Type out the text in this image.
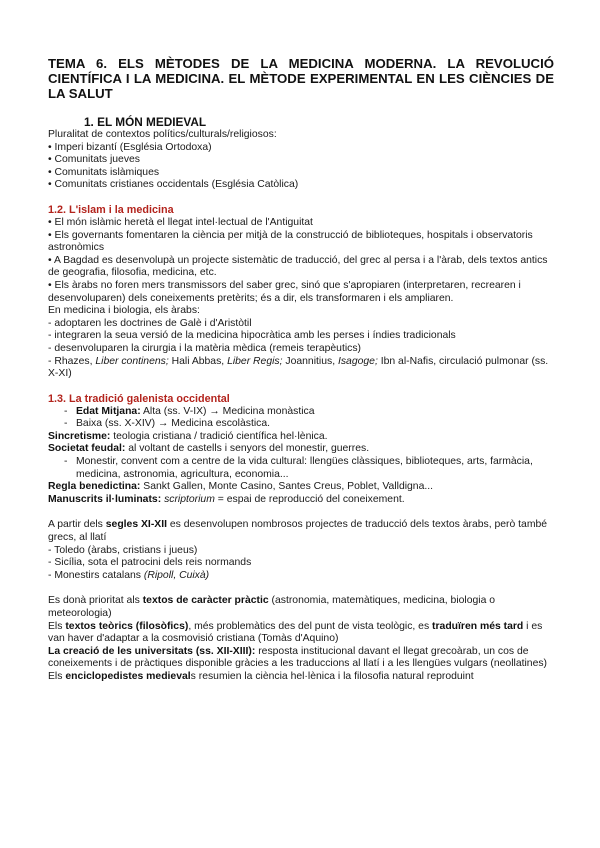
TEMA 6. ELS MÈTODES DE LA MEDICINA MODERNA. LA REVOLUCIÓ CIENTÍFICA I LA MEDICINA. EL MÈTODE EXPERIMENTAL EN LES CIÈNCIES DE LA SALUT
1. EL MÓN MEDIEVAL

Pluralitat de contextos polítics/culturals/religiosos:

• Imperi bizantí (Església Ortodoxa)

• Comunitats jueves

• Comunitats islàmiques

• Comunitats cristianes occidentals (Església Catòlica)

1.2. L'islam i la medicina

• El món islàmic heretà el llegat intel·lectual de l'Antiguitat

• Els governants fomentaren la ciència per mitjà de la construcció de biblioteques, hospitals i observatoris astronòmics

• A Bagdad es desenvolupà un projecte sistemàtic de traducció, del grec al persa i a l'àrab, dels textos antics de geografia, filosofia, medicina, etc.

• Els àrabs no foren mers transmissors del saber grec, sinó que s'apropiaren (interpretaren, recrearen i desenvoluparen) dels coneixements pretèrits; és a dir, els transformaren i els ampliaren.

En medicina i biologia, els àrabs:

- adoptaren les doctrines de Galè i d'Aristòtil

- integraren la seua versió de la medicina hipocràtica amb les perses i índies tradicionals

- desenvoluparen la cirurgia i la matèria mèdica (remeis terapèutics)

- Rhazes, Liber continens; Hali Abbas, Liber Regis; Joannitius, Isagoge; Ibn al-Nafis, circulació pulmonar (ss. X-XI)

1.3. La tradició galenista occidental

- Edat Mitjana: Alta (ss. V-IX) → Medicina monàstica

- Baixa (ss. X-XIV) → Medicina escolàstica.

Sincretisme: teologia cristiana / tradició científica hel·lènica.

Societat feudal: al voltant de castells i senyors del monestir, guerres.

- Monestir, convent com a centre de la vida cultural: llengües clàssiques, biblioteques, arts, farmàcia, medicina, astronomia, agricultura, economia...

Regla benedictina: Sankt Gallen, Monte Casino, Santes Creus, Poblet, Valldigna...

Manuscrits il·luminats: scriptorium = espai de reproducció del coneixement.

A partir dels segles XI-XII es desenvolupen nombrosos projectes de traducció dels textos àrabs, però també grecs, al llatí

- Toledo (àrabs, cristians i jueus)

- Sicília, sota el patrocini dels reis normands

- Monestirs catalans (Ripoll, Cuixà)

Es donà prioritat als textos de caràcter pràctic (astronomia, matemàtiques, medicina, biologia o meteorologia)

Els textos teòrics (filosòfics), més problemàtics des del punt de vista teològic, es traduïren més tard i es van haver d'adaptar a la cosmovisió cristiana (Tomàs d'Aquino)

La creació de les universitats (ss. XII-XIII): resposta institucional davant el llegat grecoàrab, un cos de coneixements i de pràctiques disponible gràcies a les traduccions al llatí i a les llengües vulgars (neollatines)

Els enciclopedistes medievals resumien la ciència hel·lènica i la filosofia natural reproduint
